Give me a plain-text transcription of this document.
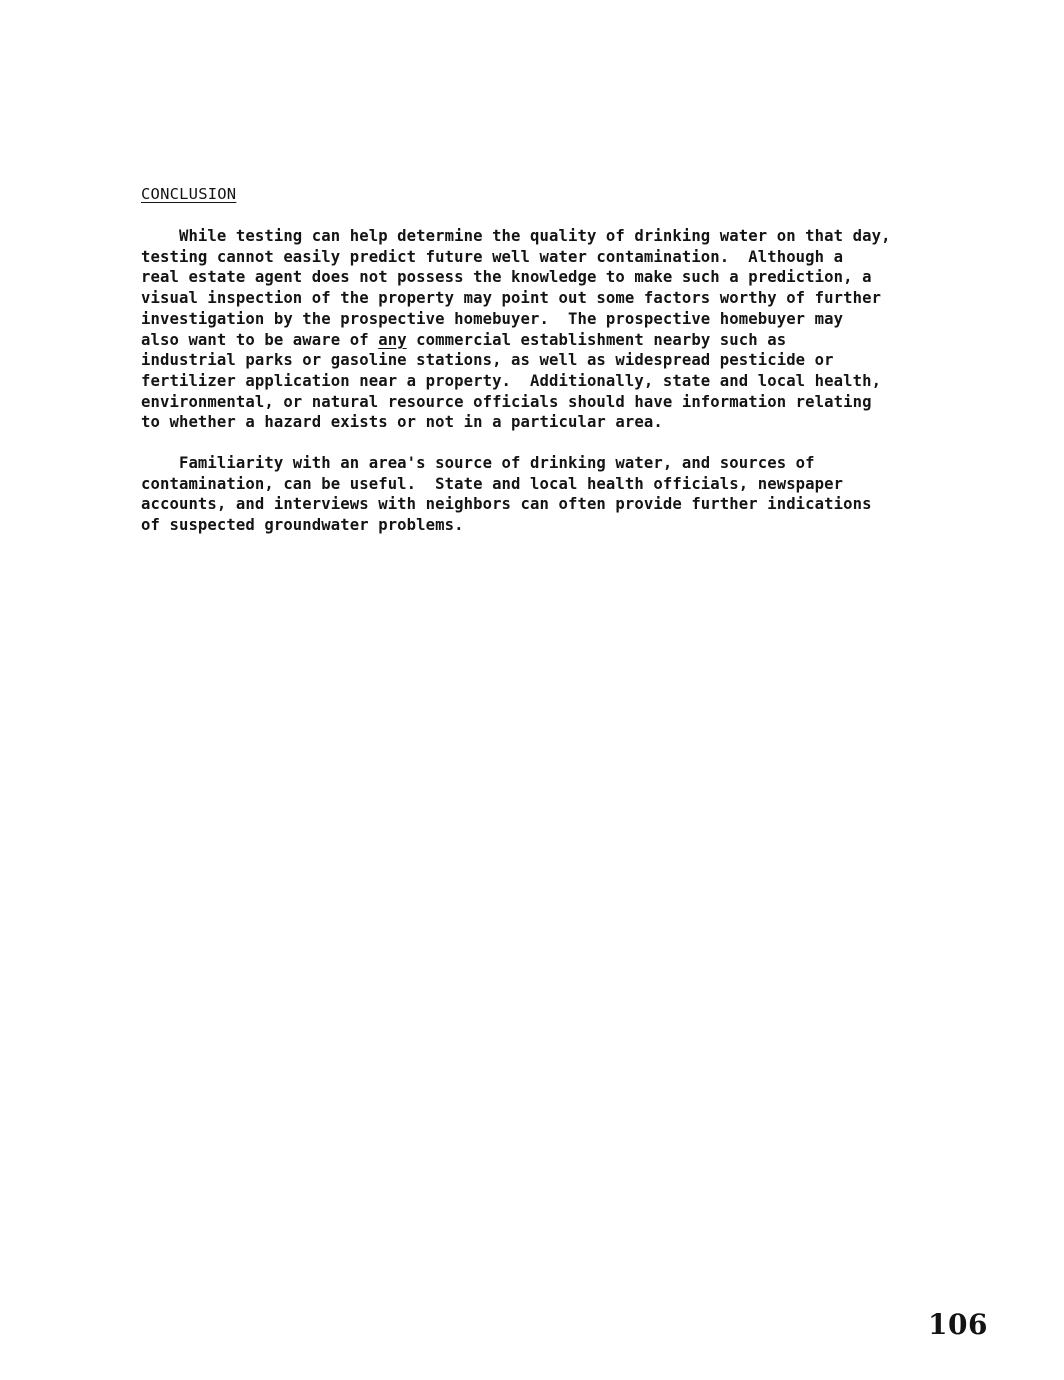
CONCLUSION
While testing can help determine the quality of drinking water on that day,
testing cannot easily predict future well water contamination.  Although a
real estate agent does not possess the knowledge to make such a prediction, a
visual inspection of the property may point out some factors worthy of further
investigation by the prospective homebuyer.  The prospective homebuyer may
also want to be aware of any commercial establishment nearby such as
industrial parks or gasoline stations, as well as widespread pesticide or
fertilizer application near a property.  Additionally, state and local health,
environmental, or natural resource officials should have information relating
to whether a hazard exists or not in a particular area.
Familiarity with an area's source of drinking water, and sources of
contamination, can be useful.  State and local health officials, newspaper
accounts, and interviews with neighbors can often provide further indications
of suspected groundwater problems.
106
